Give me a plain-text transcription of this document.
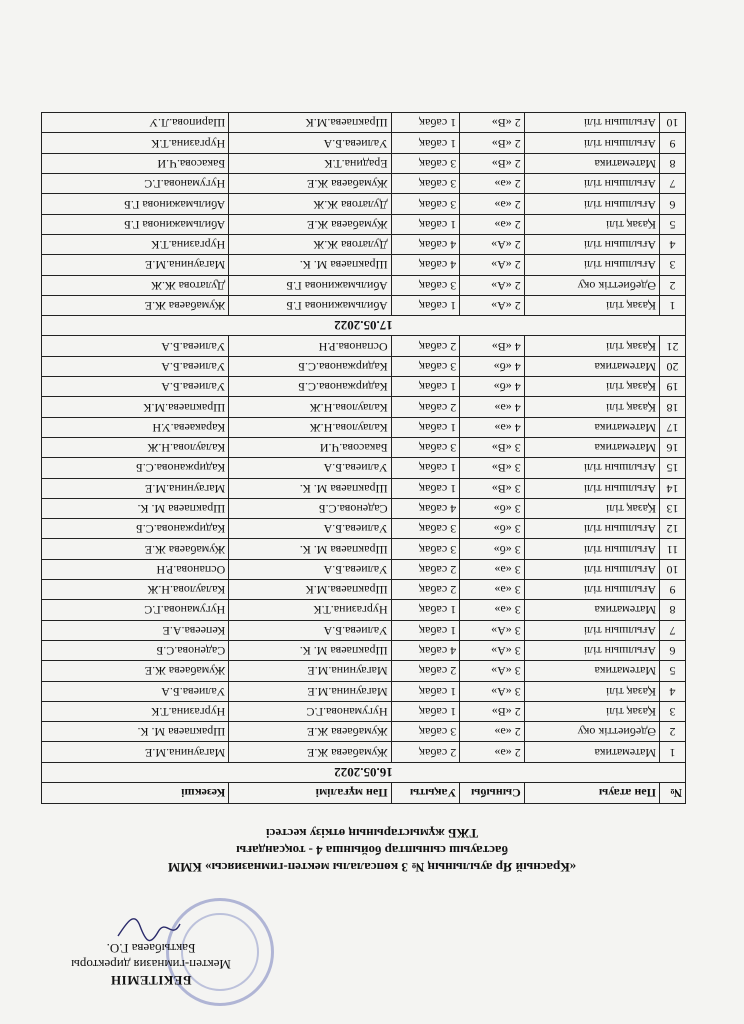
БЕКІТЕМІН
Мектеп-гимназия директоры
Бактыбаева Г.О.
«Красный Яр ауылының № 3 көпсалалы мектеп-гимназиясы» КММ
бастауыш сыныптар бойынша 4 - тоқсандағы
ТЖБ жұмыстарының өткізу кестесі
№	Пән атауы	Сыныбы	Уақыты	Пән мұғалімі	Кезекші
16.05.2022					
1	Математика	2 «ә»	2 сабақ	Жумабаева Ж.Е	Магаунина.М.Е
2	Әдебиеттік оқу	2 «ә»	3 сабақ	Жумабаева Ж.Е	Шракпаева М. К.
3	Қазақ тілі	2 «В»	1 сабақ	Нугуманова.Г.С	Нургазина.Т.К
4	Қазақ тілі	3 «А»	1 сабақ	Магаунина.М.Е	Уалиева.Б.А
5	Математика	3 «А»	2 сабақ	Магаунина.М.Е	Жумабаева Ж.Е
6	Ағылшын тілі	3 «А»	4 сабақ	Шракпаева М. К.	Саденова.С.Б
7	Ағылшын тілі	3 «А»	1 сабақ	Уалиева.Б.А	Кепеева.А.Е
8	Математика	3 «ә»	1 сабақ	Нургазина.Т.К	Нугуманова.Г.С
9	Ағылшын тілі	3 «ә»	2 сабақ	Шракпаева.М.К	Калаулова.Н.Ж
10	Ағылшын тілі	3 «ә»	2 сабақ	Уалиева.Б.А	Оспанова.Р.Н
11	Ағылшын тілі	3 «б»	3 сабақ	Шракпаева М. К.	Жумабаева Ж.Е
12	Ағылшын тілі	3 «б»	3 сабақ	Уалиева.Б.А	Кадиржанова.С.Б
13	Қазақ тілі	3 «б»	4 сабақ	Саденова.С.Б	Шракпаева М. К.
14	Ағылшын тілі	3 «В»	1 сабақ	Шракпаева М. К.	Магаунина.М.Е
15	Ағылшын тілі	3 «В»	1 сабақ	Уалиева.Б.А	Кадиржанова.С.Б
16	Математика	3 «В»	3 сабақ	Бакасова.Ч.И	Калаулова.Н.Ж
17	Математика	4 «ә»	1 сабақ	Калаулова.Н.Ж	Каракаева.У.Н
18	Қазақ тілі	4 «ә»	2 сабақ	Калаулова.Н.Ж	Шракпаева.М.К
19	Қазақ тілі	4 «б»	1 сабақ	Кадиржанова.С.Б	Уалиева.Б.А
20	Математика	4 «б»	3 сабақ	Кадиржанова.С.Б	Уалиева.Б.А
21	Қазақ тілі	4 «В»	2 сабақ	Оспанова.Р.Н	Уалиева.Б.А
17.05.2022					
1	Қазақ тілі	2 «А»	1 сабақ	Абильмажинова Г.Б	Жумабаева Ж.Е
2	Әдебиеттік оқу	2 «А»	3 сабақ	Абильмажинова Г.Б	Дулатова Ж.Ж
3	Ағылшын тілі	2 «А»	4 сабақ	Шракпаева М. К.	Магаунина.М.Е
4	Ағылшын тілі	2 «А»	4 сабақ	Дулатова Ж.Ж	Нургазина.Т.К
5	Қазақ тілі	2 «ә»	1 сабақ	Жумабаева Ж.Е	Абильмажинова Г.Б
6	Ағылшын тілі	2 «ә»	3 сабақ	Дулатова Ж.Ж	Абильмажинова Г.Б
7	Ағылшын тілі	2 «ә»	3 сабақ	Жумабаева Ж.Е	Нугуманова.Г.С
8	Математика	2 «В»	3 сабақ	Ерадина.Т.К	Бакасова.Ч.И
9	Ағылшын тілі	2 «В»	1 сабақ	Уалиева.Б.А	Нургазина.Т.К
10	Ағылшын тілі	2 «В»	1 сабақ	Шракпаева.М.К	Шарипова.Л.У
